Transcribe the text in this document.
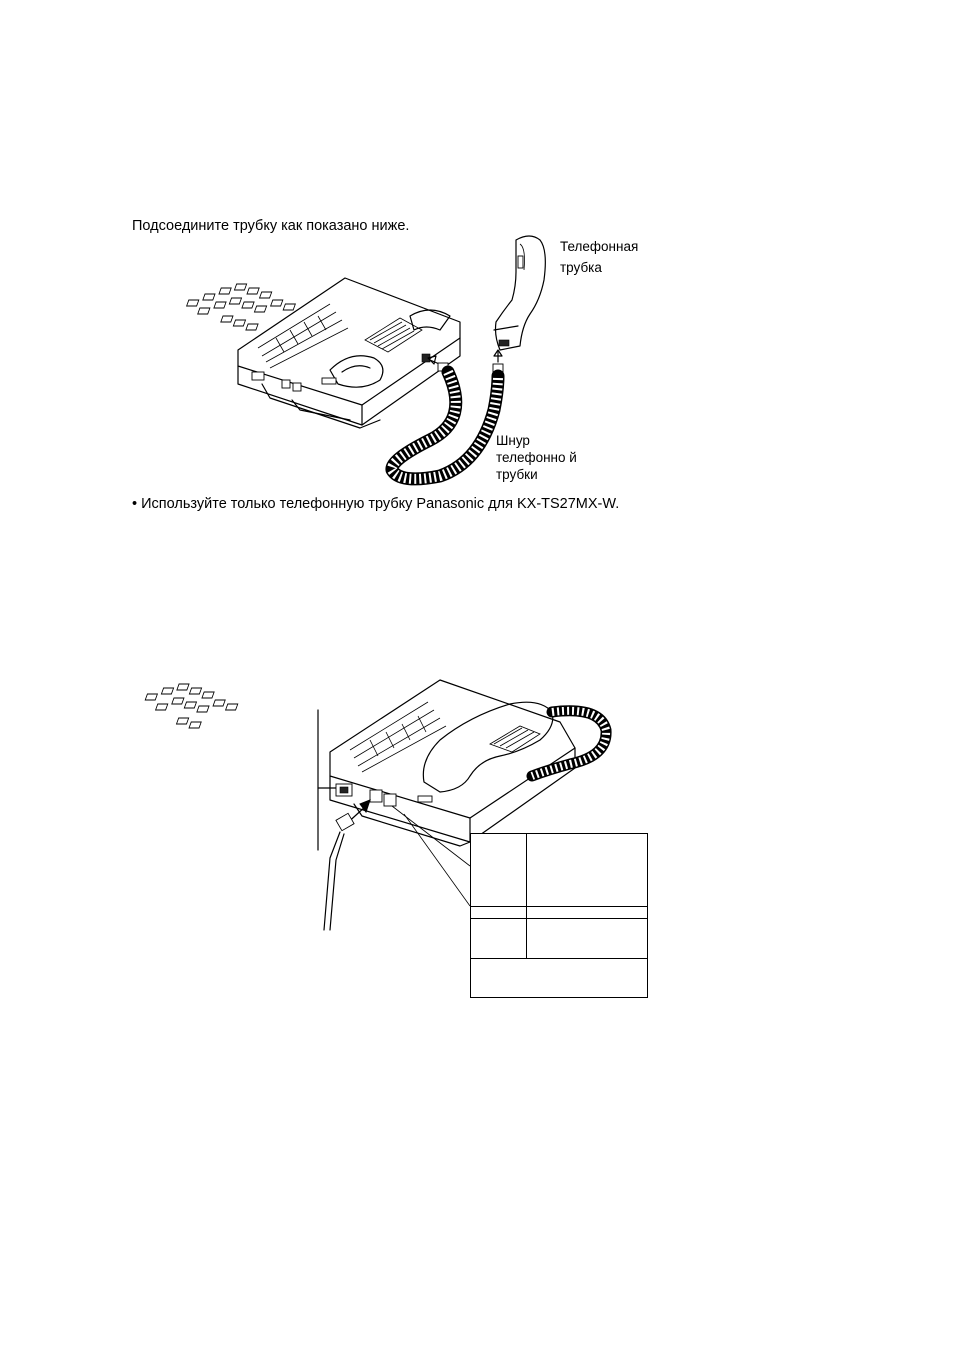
Подсоедините трубку как показано ниже.
Телефонная трубка
Шнур телефонно й трубки
• Используйте только телефонную трубку Panasonic для KX-TS27MX-W.
